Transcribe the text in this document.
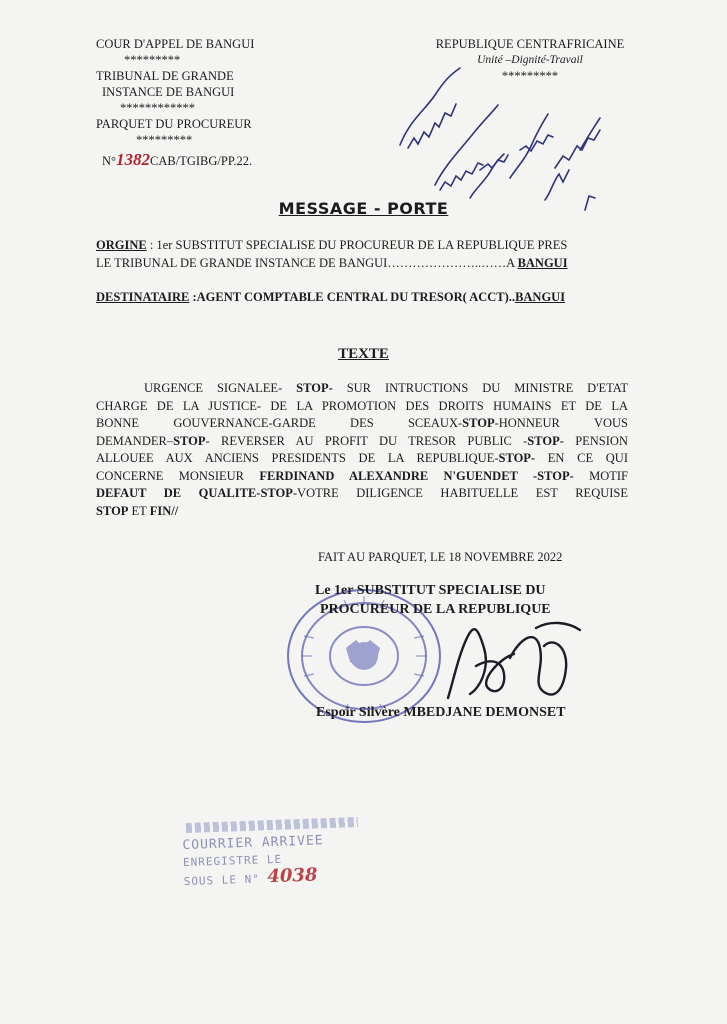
COUR D'APPEL DE BANGUI
*********
TRIBUNAL DE GRANDE
INSTANCE DE BANGUI
************
PARQUET DU PROCUREUR
*********
N°1382CAB/TGIBG/PP.22.
REPUBLIQUE CENTRAFRICAINE
Unité –Dignité-Travail
*********
MESSAGE - PORTE
ORGINE : 1er SUBSTITUT SPECIALISE DU PROCUREUR DE LA REPUBLIQUE PRES
LE TRIBUNAL DE GRANDE INSTANCE DE BANGUI…………………..……A BANGUI
DESTINATAIRE :AGENT COMPTABLE CENTRAL DU TRESOR( ACCT)..BANGUI
TEXTE

URGENCE SIGNALEE- STOP- SUR INTRUCTIONS DU MINISTRE D'ETAT

CHARGE DE LA JUSTICE- DE LA PROMOTION DES DROITS HUMAINS ET DE LA

BONNE   GOUVERNANCE-GARDE   DES   SCEAUX-STOP-HONNEUR   VOUS

DEMANDER–STOP- REVERSER AU PROFIT DU TRESOR PUBLIC -STOP- PENSION

ALLOUEE AUX ANCIENS PRESIDENTS DE LA REPUBLIQUE-STOP- EN CE QUI

CONCERNE MONSIEUR FERDINAND ALEXANDRE N'GUENDET -STOP- MOTIF

DEFAUT DE QUALITE-STOP-VOTRE DILIGENCE HABITUELLE EST REQUISE

STOP ET FIN//

FAIT AU PARQUET, LE 18 NOVEMBRE 2022
Le 1er SUBSTITUT SPECIALISE DU
PROCUREUR DE LA REPUBLIQUE
Espoir Silvère MBEDJANE DEMONSET
COURRIER ARRIVEE
ENREGISTRE LE
SOUS LE N° 4038
